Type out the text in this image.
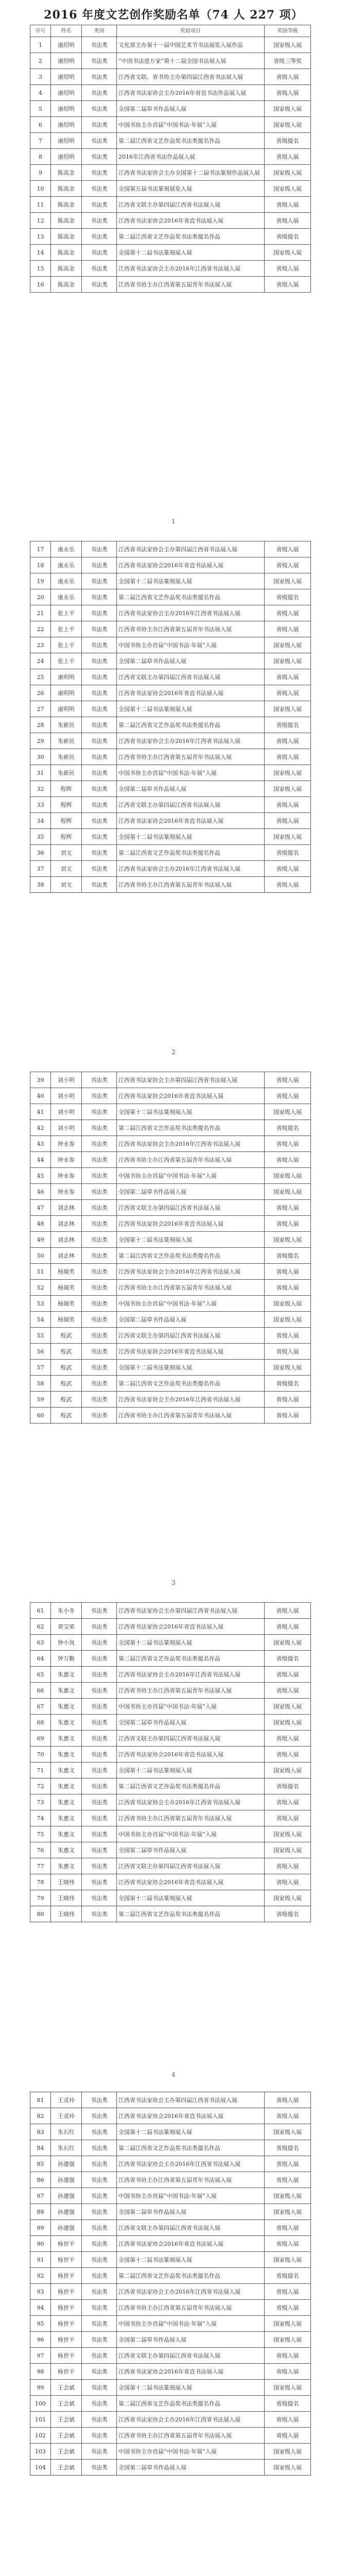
2016 年度文艺创作奖励名单（74 人 227 项）

序号	姓名	类别	奖励项目	奖励等级
1	康绍明	书法类	文化部主办第十一届中国艺术节书法展览入展作品	国家级入展
2	康绍明	书法类	“中国书法进万家”第十二届全国书法展入展	省级三等奖
3	康绍明	书法类	江西省文联、省书协主办第四届江西省书法展入展	省级入展
4	康绍明	书法类	江西省书法家协会主办2016年省直书法作品展入展	省级入展
5	康绍明	书法类	全国第二届草书作品展入展	国家级入展
6	康绍明	书法类	中国书协主办首届“中国书法·年展”入展	国家级入展
7	康绍明	书法类	第二届江西省文艺作品奖书法类提名作品	省级提名
8	康绍明	书法类	2016年江西省书法作品展入展	省级入展
9	陈高金	书法类	江西省书法家协会主办全国第十二届书法篆刻作品展入展	国家级入展
10	陈高金	书法类	全国第五届书法篆刻展览入展	国家级入展
11	陈高金	书法类	江西省文联主办第四届江西省书法展入展	省级入展
12	陈高金	书法类	江西省书法家协会2016年省直书法展入展	省级入展
13	陈高金	书法类	第二届江西省文艺作品奖书法类提名作品	省级提名
14	陈高金	书法类	全国第十二届书法篆刻展入展	国家级入展
15	陈高金	书法类	江西省书法家协会主办2016年江西省书法展入展	省级入展
16	陈高金	书法类	江西省书协主办江西省第五届青年书法展入展	省级入展
1
17	康永乐	书法类	江西省书法家协会主办第四届江西省书法展入展	省级入展
18	康永乐	书法类	江西省书法家协会2016年省直书法展入展	省级入展
19	康永乐	书法类	全国第十二届书法篆刻展入展	国家级入展
20	康永乐	书法类	第二届江西省文艺作品奖书法类提名作品	省级提名
21	张上平	书法类	江西省书法家协会主办2016年江西省书法展入展	省级入展
22	张上平	书法类	江西省书协主办江西省第五届青年书法展入展	省级入展
23	张上平	书法类	中国书协主办首届“中国书法·年展”入展	国家级入展
24	张上平	书法类	全国第二届草书作品展入展	国家级入展
25	康明明	书法类	江西省文联主办第四届江西省书法展入展	省级入展
26	康明明	书法类	江西省书法家协会2016年省直书法展入展	省级入展
27	康明明	书法类	全国第十二届书法篆刻展入展	国家级入展
28	朱新民	书法类	第二届江西省文艺作品奖书法类提名作品	省级提名
29	朱新民	书法类	江西省书法家协会主办2016年江西省书法展入展	省级入展
30	朱新民	书法类	江西省书协主办江西省第五届青年书法展入展	省级入展
31	朱新民	书法类	中国书协主办首届“中国书法·年展”入展	国家级入展
32	程辉	书法类	全国第二届草书作品展入展	国家级入展
33	程辉	书法类	江西省文联主办第四届江西省书法展入展	省级入展
34	程辉	书法类	江西省书法家协会2016年省直书法展入展	省级入展
35	程辉	书法类	全国第十二届书法篆刻展入展	国家级入展
36	刘文	书法类	第二届江西省文艺作品奖书法类提名作品	省级提名
37	刘文	书法类	江西省书法家协会主办2016年江西省书法展入展	省级入展
38	刘文	书法类	江西省书协主办江西省第五届青年书法展入展	省级入展
2
39	刘小明	书法类	江西省书法家协会主办第四届江西省书法展入展	省级入展
40	刘小明	书法类	江西省书法家协会2016年省直书法展入展	省级入展
41	刘小明	书法类	全国第十二届书法篆刻展入展	国家级入展
42	刘小明	书法类	第二届江西省文艺作品奖书法类提名作品	省级提名
43	钟永春	书法类	江西省书法家协会主办2016年江西省书法展入展	省级入展
44	钟永春	书法类	江西省书协主办江西省第五届青年书法展入展	省级入展
45	钟永春	书法类	中国书协主办首届“中国书法·年展”入展	国家级入展
46	钟永春	书法类	全国第二届草书作品展入展	国家级入展
47	刘志林	书法类	江西省文联主办第四届江西省书法展入展	省级入展
48	刘志林	书法类	江西省书法家协会2016年省直书法展入展	省级入展
49	刘志林	书法类	全国第十二届书法篆刻展入展	国家级入展
50	刘志林	书法类	第二届江西省文艺作品奖书法类提名作品	省级提名
51	杨瑞男	书法类	江西省书法家协会主办2016年江西省书法展入展	省级入展
52	杨瑞男	书法类	江西省书协主办江西省第五届青年书法展入展	省级入展
53	杨瑞男	书法类	中国书协主办首届“中国书法·年展”入展	国家级入展
54	杨瑞男	书法类	全国第二届草书作品展入展	国家级入展
55	程武	书法类	江西省文联主办第四届江西省书法展入展	省级入展
56	程武	书法类	江西省书法家协会2016年省直书法展入展	省级入展
57	程武	书法类	全国第十二届书法篆刻展入展	国家级入展
58	程武	书法类	第二届江西省文艺作品奖书法类提名作品	省级提名
59	程武	书法类	江西省书法家协会主办2016年江西省书法展入展	省级入展
60	程武	书法类	江西省书协主办江西省第五届青年书法展入展	省级入展
3
61	朱小冬	书法类	江西省书法家协会主办第四届江西省书法展入展	省级入展
62	黄宝荣	书法类	江西省书法家协会2016年省直书法展入展	省级入展
63	钟小岚	书法类	全国第十二届书法篆刻展入展	国家级入展
64	钟万勤	书法类	第二届江西省文艺作品奖书法类提名作品	省级提名
65	朱惠文	书法类	江西省书法家协会主办2016年江西省书法展入展	省级入展
66	朱惠文	书法类	江西省书协主办江西省第五届青年书法展入展	省级入展
67	朱惠文	书法类	中国书协主办首届“中国书法·年展”入展	国家级入展
68	朱惠文	书法类	全国第二届草书作品展入展	国家级入展
69	朱惠文	书法类	江西省文联主办第四届江西省书法展入展	省级入展
70	朱惠文	书法类	江西省书法家协会2016年省直书法展入展	省级入展
71	朱惠文	书法类	全国第十二届书法篆刻展入展	国家级入展
72	朱惠文	书法类	第二届江西省文艺作品奖书法类提名作品	省级提名
73	朱惠文	书法类	江西省书法家协会主办2016年江西省书法展入展	省级入展
74	朱惠文	书法类	江西省书协主办江西省第五届青年书法展入展	省级入展
75	朱惠文	书法类	中国书协主办首届“中国书法·年展”入展	国家级入展
76	朱惠文	书法类	全国第二届草书作品展入展	国家级入展
77	朱惠文	书法类	江西省文联主办第四届江西省书法展入展	省级入展
78	王晓伟	书法类	江西省书法家协会2016年省直书法展入展	省级入展
79	王晓伟	书法类	全国第十二届书法篆刻展入展	国家级入展
80	王晓伟	书法类	第二届江西省文艺作品奖书法类提名作品	省级提名
4
81	王灵玲	书法类	江西省书法家协会主办第四届江西省书法展入展	省级入展
82	王灵玲	书法类	江西省书法家协会2016年省直书法展入展	省级入展
83	朱石红	书法类	全国第十二届书法篆刻展入展	国家级入展
84	朱石红	书法类	第二届江西省文艺作品奖书法类提名作品	省级提名
85	孙建强	书法类	江西省书法家协会主办2016年江西省书法展入展	省级入展
86	孙建强	书法类	江西省书协主办江西省第五届青年书法展入展	省级入展
87	孙建强	书法类	中国书协主办首届“中国书法·年展”入展	国家级入展
88	孙建强	书法类	全国第二届草书作品展入展	国家级入展
89	孙建强	书法类	江西省文联主办第四届江西省书法展入展	省级入展
90	杨世平	书法类	江西省书法家协会2016年省直书法展入展	省级入展
91	杨世平	书法类	全国第十二届书法篆刻展入展	国家级入展
92	杨世平	书法类	第二届江西省文艺作品奖书法类提名作品	省级提名
93	杨世平	书法类	江西省书法家协会主办2016年江西省书法展入展	省级入展
94	杨世平	书法类	江西省书协主办江西省第五届青年书法展入展	省级入展
95	杨世平	书法类	中国书协主办首届“中国书法·年展”入展	国家级入展
96	杨世平	书法类	全国第二届草书作品展入展	国家级入展
97	杨世平	书法类	江西省文联主办第四届江西省书法展入展	省级入展
98	杨世平	书法类	江西省书法家协会2016年省直书法展入展	省级入展
99	王会斌	书法类	全国第十二届书法篆刻展入展	国家级入展
100	王会斌	书法类	第二届江西省文艺作品奖书法类提名作品	省级提名
101	王会斌	书法类	江西省书法家协会主办2016年江西省书法展入展	省级入展
102	王会斌	书法类	江西省书协主办江西省第五届青年书法展入展	省级入展
103	王会斌	书法类	中国书协主办首届“中国书法·年展”入展	国家级入展
104	王会斌	书法类	全国第二届草书作品展入展	国家级入展
